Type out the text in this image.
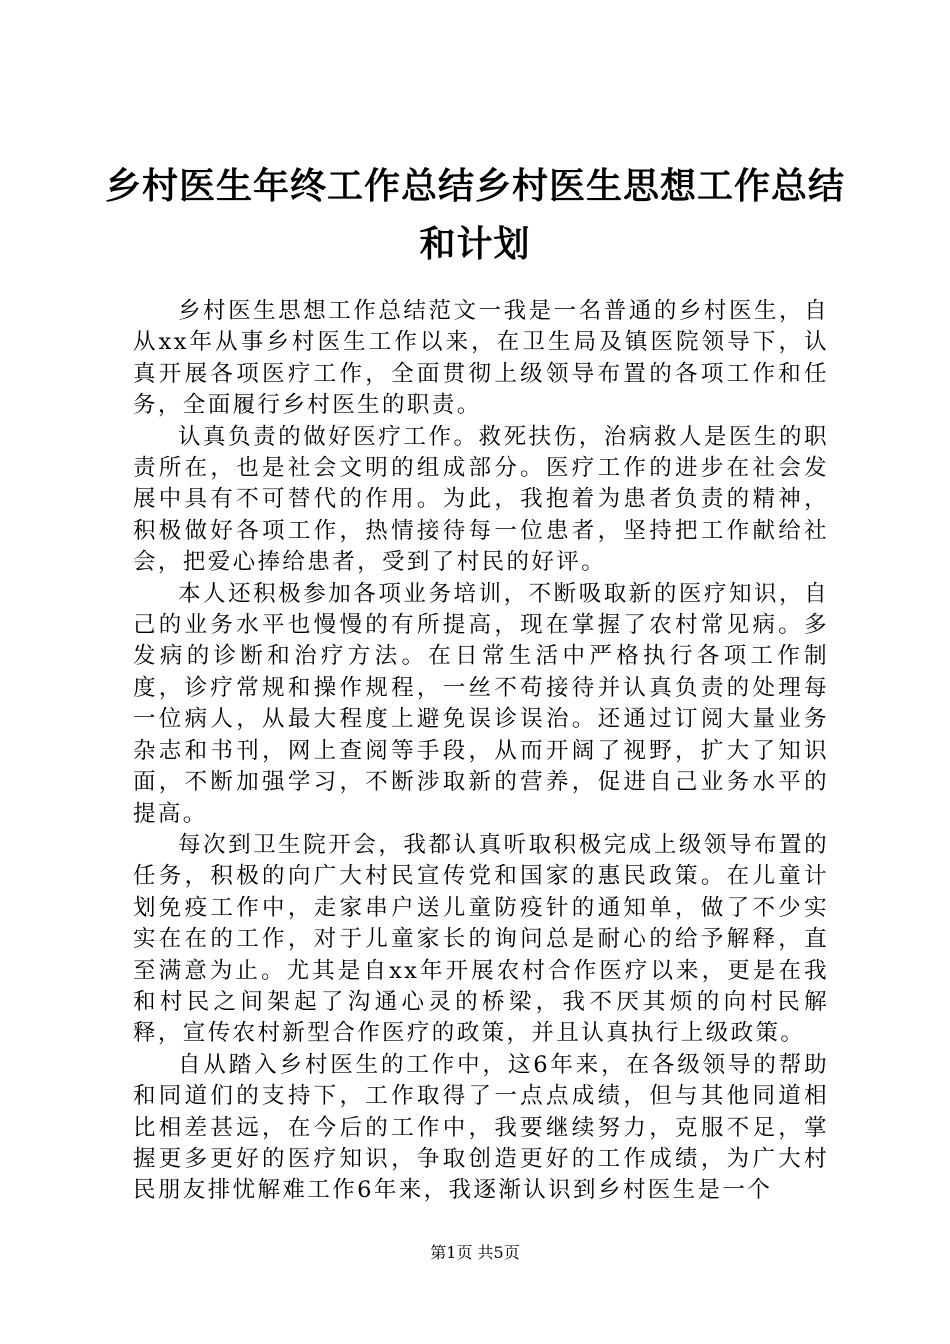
乡村医生年终工作总结乡村医生思想工作总结和计划

乡村医生思想工作总结范文一我是一名普通的乡村医生，自从xx年从事乡村医生工作以来，在卫生局及镇医院领导下，认真开展各项医疗工作，全面贯彻上级领导布置的各项工作和任务，全面履行乡村医生的职责。

认真负责的做好医疗工作。救死扶伤，治病救人是医生的职责所在，也是社会文明的组成部分。医疗工作的进步在社会发展中具有不可替代的作用。为此，我抱着为患者负责的精神，积极做好各项工作，热情接待每一位患者，坚持把工作献给社会，把爱心捧给患者，受到了村民的好评。

本人还积极参加各项业务培训，不断吸取新的医疗知识，自己的业务水平也慢慢的有所提高，现在掌握了农村常见病。多发病的诊断和治疗方法。在日常生活中严格执行各项工作制度，诊疗常规和操作规程，一丝不苟接待并认真负责的处理每一位病人，从最大程度上避免误诊误治。还通过订阅大量业务杂志和书刊，网上查阅等手段，从而开阔了视野，扩大了知识面，不断加强学习，不断涉取新的营养，促进自己业务水平的提高。

每次到卫生院开会，我都认真听取积极完成上级领导布置的任务，积极的向广大村民宣传党和国家的惠民政策。在儿童计划免疫工作中，走家串户送儿童防疫针的通知单，做了不少实实在在的工作，对于儿童家长的询问总是耐心的给予解释，直至满意为止。尤其是自xx年开展农村合作医疗以来，更是在我和村民之间架起了沟通心灵的桥梁，我不厌其烦的向村民解释，宣传农村新型合作医疗的政策，并且认真执行上级政策。

自从踏入乡村医生的工作中，这6年来，在各级领导的帮助和同道们的支持下，工作取得了一点点成绩，但与其他同道相比相差甚远，在今后的工作中，我要继续努力，克服不足，掌握更多更好的医疗知识，争取创造更好的工作成绩，为广大村民朋友排忧解难工作6年来，我逐渐认识到乡村医生是一个

第1页 共5页
